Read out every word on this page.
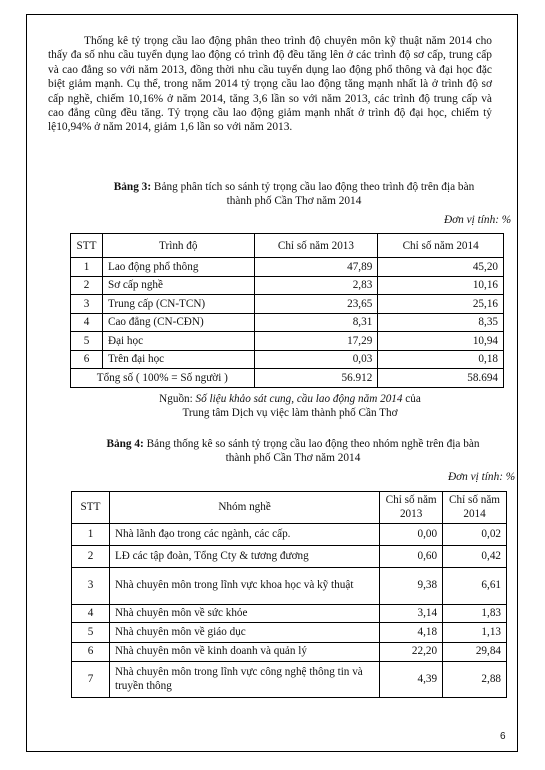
Thống kê tỷ trọng cầu lao động phân theo trình độ chuyên môn kỹ thuật năm 2014 cho thấy đa số nhu cầu tuyển dụng lao động có trình độ đều tăng lên ở các trình độ sơ cấp, trung cấp và cao đẳng so với năm 2013, đồng thời nhu cầu tuyển dụng lao động phổ thông và đại học đặc biệt giảm mạnh. Cụ thể, trong năm 2014 tỷ trọng cầu lao động tăng mạnh nhất là ở trình độ sơ cấp nghề, chiếm 10,16% ở năm 2014, tăng 3,6 lần so với năm 2013, các trình độ trung cấp và cao đẳng cũng đều tăng. Tỷ trọng cầu lao động giảm mạnh nhất ở trình độ đại học, chiếm tỷ lệ10,94% ở năm 2014, giảm 1,6 lần so với năm 2013.

Bảng 3: Bảng phân tích so sánh tỷ trọng cầu lao động theo trình độ trên địa bàn
thành phố Cần Thơ năm 2014
Đơn vị tính: %
STT	Trình độ	Chỉ số năm 2013	Chỉ số năm 2014
1	Lao động phổ thông	47,89	45,20
2	Sơ cấp nghề	2,83	10,16
3	Trung cấp (CN-TCN)	23,65	25,16
4	Cao đẳng (CN-CĐN)	8,31	8,35
5	Đại học	17,29	10,94
6	Trên đại học	0,03	0,18
Tổng số ( 100% = Số người )		56.912	58.694
Nguồn: Số liệu khảo sát cung, cầu lao động năm 2014 của
Trung tâm Dịch vụ việc làm thành phố Cần Thơ
Bảng 4: Bảng thống kê so sánh tỷ trọng cầu lao động theo nhóm nghề trên địa bàn
thành phố Cần Thơ năm 2014
Đơn vị tính: %
STT	Nhóm nghề	Chỉ số năm 2013	Chỉ số năm 2014
1	Nhà lãnh đạo trong các ngành, các cấp.	0,00	0,02
2	LĐ các tập đoàn, Tổng Cty & tương đương	0,60	0,42
3	Nhà chuyên môn trong lĩnh vực khoa học và kỹ thuật	9,38	6,61
4	Nhà chuyên môn về sức khỏe	3,14	1,83
5	Nhà chuyên môn về giáo dục	4,18	1,13
6	Nhà chuyên môn về kinh doanh và quản lý	22,20	29,84
7	Nhà chuyên môn trong lĩnh vực công nghệ thông tin và truyền thông	4,39	2,88
6
